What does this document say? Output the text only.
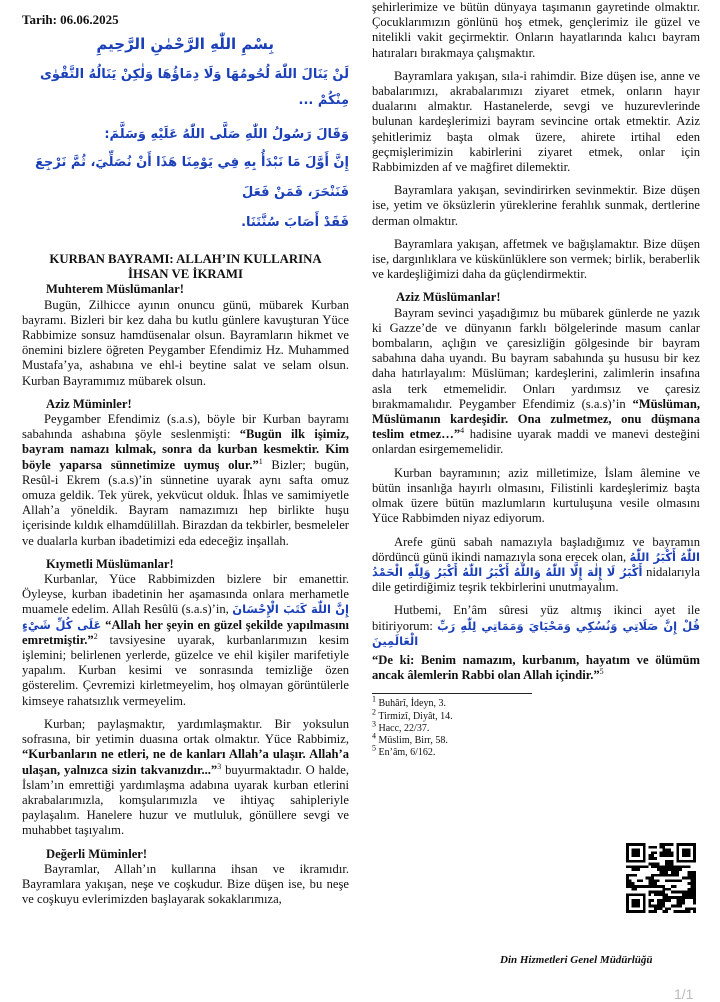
Tarih: 06.06.2025

بِسْمِ اللّٰهِ الرَّحْمٰنِ الرَّحِيمِ

لَنْ يَنَالَ اللّٰهَ لُحُومُهَا وَلَا دِمَاؤُهَا وَلٰكِنْ يَنَالُهُ التَّقْوٰى مِنْكُمْ ...

وَقَالَ رَسُولُ اللّٰهِ صَلَّى اللّٰهُ عَلَيْهِ وَسَلَّمَ:

إِنَّ أَوَّلَ مَا نَبْدَأُ بِهِ فِي يَوْمِنَا هَذَا أَنْ نُصَلِّيَ، ثُمَّ نَرْجِعَ فَنَنْحَرَ، فَمَنْ فَعَلَ

فَقَدْ أَصَابَ سُنَّتَنَا.

KURBAN BAYRAMI: ALLAH’IN KULLARINA
İHSAN VE İKRAMI

Muhterem Müslümanlar!

Bugün, Zilhicce ayının onuncu günü, mübarek Kurban bayramı. Bizleri bir kez daha bu kutlu günlere kavuşturan Yüce Rabbimize sonsuz hamdüsenalar olsun. Bayramların hikmet ve önemini bizlere öğreten Peygamber Efendimiz Hz. Muhammed Mustafa’ya, ashabına ve ehl-i beytine salat ve selam olsun. Kurban Bayramımız mübarek olsun.

Aziz Müminler!

Peygamber Efendimiz (s.a.s), böyle bir Kurban bayramı sabahında ashabına şöyle seslenmişti: “Bugün ilk işimiz, bayram namazı kılmak, sonra da kurban kesmektir. Kim böyle yaparsa sünnetimize uymuş olur.”$^1$ Bizler; bugün, Resûl-i Ekrem (s.a.s)’in sünnetine uyarak aynı safta omuz omuza geldik. Tek yürek, yekvücut olduk. İhlas ve samimiyetle Allah’a yöneldik. Bayram namazımızı hep birlikte huşu içerisinde kıldık elhamdülillah. Birazdan da tekbirler, besmeleler ve dualarla kurban ibadetimizi eda edeceğiz inşallah.

Kıymetli Müslümanlar!

Kurbanlar, Yüce Rabbimizden bizlere bir emanettir. Öyleyse, kurban ibadetinin her aşamasında onlara merhametle muamele edelim. Allah Resûlü (s.a.s)’in, إِنَّ اللّٰهَ كَتَبَ الْإِحْسَانَ عَلَى كُلِّ شَيْءٍ “Allah her şeyin en güzel şekilde yapılmasını emretmiştir.”$^2$ tavsiyesine uyarak, kurbanlarımızın kesim işlemini; belirlenen yerlerde, güzelce ve ehil kişiler marifetiyle yapalım. Kurban kesimi ve sonrasında temizliğe özen gösterelim. Çevremizi kirletmeyelim, hoş olmayan görüntülerle kimseye rahatsızlık vermeyelim.

Kurban; paylaşmaktır, yardımlaşmaktır. Bir yoksulun sofrasına, bir yetimin duasına ortak olmaktır. Yüce Rabbimiz, “Kurbanların ne etleri, ne de kanları Allah’a ulaşır. Allah’a ulaşan, yalnızca sizin takvanızdır...”$^3$ buyurmaktadır. O halde, İslam’ın emrettiği yardımlaşma adabına uyarak kurban etlerini akrabalarımızla, komşularımızla ve ihtiyaç sahipleriyle paylaşalım. Hanelere huzur ve mutluluk, gönüllere sevgi ve muhabbet taşıyalım.

Değerli Müminler!

Bayramlar, Allah’ın kullarına ihsan ve ikramıdır. Bayramlara yakışan, neşe ve coşkudur. Bize düşen ise, bu neşe ve coşkuyu evlerimizden başlayarak sokaklarımıza,

şehirlerimize ve bütün dünyaya taşımanın gayretinde olmaktır. Çocuklarımızın gönlünü hoş etmek, gençlerimiz ile güzel ve nitelikli vakit geçirmektir. Onların hayatlarında kalıcı bayram hatıraları bırakmaya çalışmaktır.

Bayramlara yakışan, sıla-i rahimdir. Bize düşen ise, anne ve babalarımızı, akrabalarımızı ziyaret etmek, onların hayır dualarını almaktır. Hastanelerde, sevgi ve huzurevlerinde bulunan kardeşlerimizi bayram sevincine ortak etmektir. Aziz şehitlerimiz başta olmak üzere, ahirete irtihal eden geçmişlerimizin kabirlerini ziyaret etmek, onlar için Rabbimizden af ve mağfiret dilemektir.

Bayramlara yakışan, sevindirirken sevinmektir. Bize düşen ise, yetim ve öksüzlerin yüreklerine ferahlık sunmak, dertlerine derman olmaktır.

Bayramlara yakışan, affetmek ve bağışlamaktır. Bize düşen ise, dargınlıklara ve küskünlüklere son vermek; birlik, beraberlik ve kardeşliğimizi daha da güçlendirmektir.

Aziz Müslümanlar!

Bayram sevinci yaşadığımız bu mübarek günlerde ne yazık ki Gazze’de ve dünyanın farklı bölgelerinde masum canlar bombaların, açlığın ve çaresizliğin gölgesinde bir bayram sabahına daha uyandı. Bu bayram sabahında şu hususu bir kez daha hatırlayalım: Müslüman; kardeşlerini, zalimlerin insafına asla terk etmemelidir. Onları yardımsız ve çaresiz bırakmamalıdır. Peygamber Efendimiz (s.a.s)’in “Müslüman, Müslümanın kardeşidir. Ona zulmetmez, onu düşmana teslim etmez…”$^4$ hadisine uyarak maddi ve manevi desteğini onlardan esirgememelidir.

Kurban bayramının; aziz milletimize, İslam âlemine ve bütün insanlığa hayırlı olmasını, Filistinli kardeşlerimiz başta olmak üzere bütün mazlumların kurtuluşuna vesile olmasını Yüce Rabbimden niyaz ediyorum.

Arefe günü sabah namazıyla başladığımız ve bayramın dördüncü günü ikindi namazıyla sona erecek olan, اللّٰهُ أَكْبَرُ اللّٰهُ أَكْبَرُ لَا إِلٰهَ إِلَّا اللّٰهُ وَاللّٰهُ أَكْبَرُ اللّٰهُ أَكْبَرُ وَلِلّٰهِ الْحَمْدُ nidalarıyla dile getirdiğimiz teşrik tekbirlerini unutmayalım.

Hutbemi, En’âm sûresi yüz altmış ikinci ayet ile bitiriyorum: قُلْ إِنَّ صَلَاتِي وَنُسُكِي وَمَحْيَايَ وَمَمَاتِي لِلّٰهِ رَبِّ الْعَالَمِينَ

“De ki: Benim namazım, kurbanım, hayatım ve ölümüm ancak âlemlerin Rabbi olan Allah içindir.”$^5$

$^1$ Buhârî, İdeyn, 3.

$^2$ Tirmizî, Diyât, 14.

$^3$ Hacc, 22/37.

$^4$ Müslim, Birr, 58.

$^5$ En’âm, 6/162.

Din Hizmetleri Genel Müdürlüğü
1/1
